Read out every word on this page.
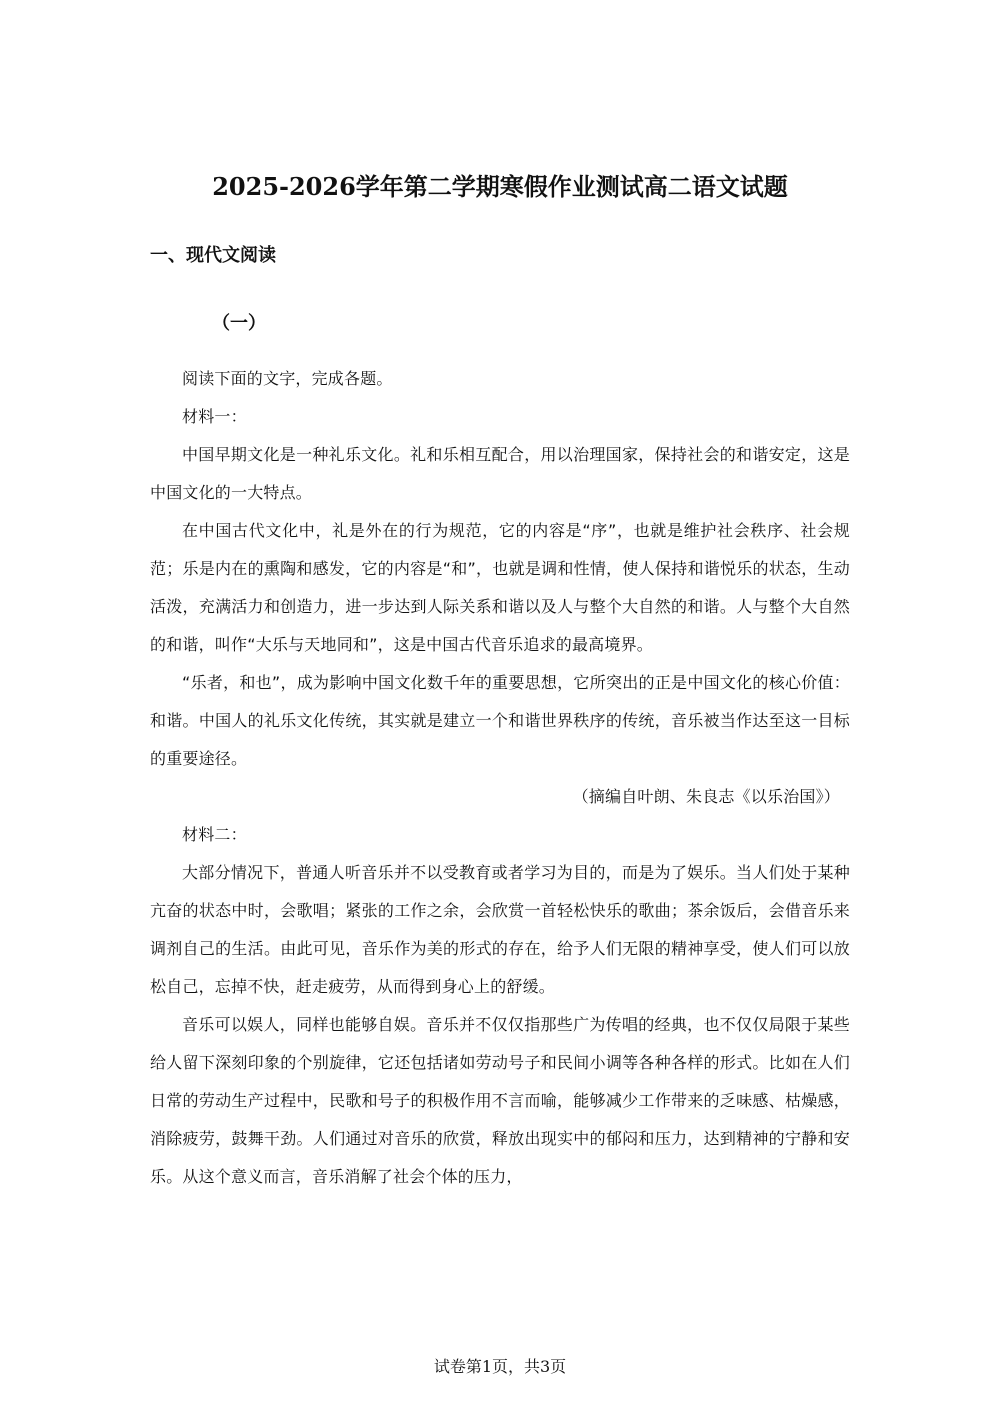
2025-2026学年第二学期寒假作业测试高二语文试题
一、现代文阅读
（一）

阅读下面的文字，完成各题。

材料一：

中国早期文化是一种礼乐文化。礼和乐相互配合，用以治理国家，保持社会的和谐安定，这是中国文化的一大特点。

在中国古代文化中，礼是外在的行为规范，它的内容是“序”，也就是维护社会秩序、社会规范；乐是内在的熏陶和感发，它的内容是“和”，也就是调和性情，使人保持和谐悦乐的状态，生动活泼，充满活力和创造力，进一步达到人际关系和谐以及人与整个大自然的和谐。人与整个大自然的和谐，叫作“大乐与天地同和”，这是中国古代音乐追求的最高境界。

“乐者，和也”，成为影响中国文化数千年的重要思想，它所突出的正是中国文化的核心价值：和谐。中国人的礼乐文化传统，其实就是建立一个和谐世界秩序的传统，音乐被当作达至这一目标的重要途径。

（摘编自叶朗、朱良志《以乐治国》）

材料二：

大部分情况下，普通人听音乐并不以受教育或者学习为目的，而是为了娱乐。当人们处于某种亢奋的状态中时，会歌唱；紧张的工作之余，会欣赏一首轻松快乐的歌曲；茶余饭后，会借音乐来调剂自己的生活。由此可见，音乐作为美的形式的存在，给予人们无限的精神享受，使人们可以放松自己，忘掉不快，赶走疲劳，从而得到身心上的舒缓。

音乐可以娱人，同样也能够自娱。音乐并不仅仅指那些广为传唱的经典，也不仅仅局限于某些给人留下深刻印象的个别旋律，它还包括诸如劳动号子和民间小调等各种各样的形式。比如在人们日常的劳动生产过程中，民歌和号子的积极作用不言而喻，能够减少工作带来的乏味感、枯燥感，消除疲劳，鼓舞干劲。人们通过对音乐的欣赏，释放出现实中的郁闷和压力，达到精神的宁静和安乐。从这个意义而言，音乐消解了社会个体的压力，

试卷第1页，共3页
